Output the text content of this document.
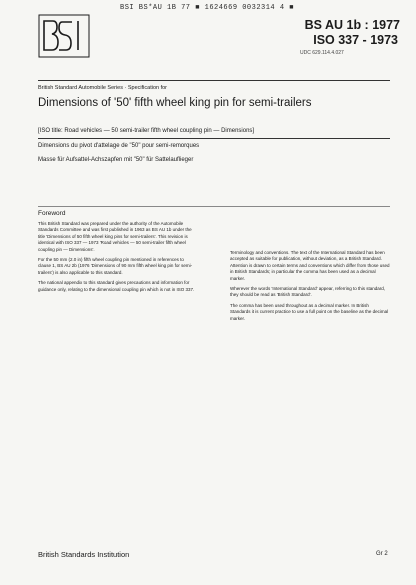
BSI BS*AU 1B 77 ■ 1624669 0032314 4 ■
BS AU 1b : 1977
ISO 337 - 1973
UDC 629.114.4.027
British Standard Automobile Series · Specification for
Dimensions of '50' fifth wheel king pin for semi-trailers
[ISO title: Road vehicles — 50 semi-trailer fifth wheel coupling pin — Dimensions]
Dimensions du pivot d'attelage de "50" pour semi-remorques
Masse für Aufsattel-Achszapfen mit "50" für Sattelauflieger
Foreword

This British Standard was prepared under the authority of the Automobile Standards Committee and was first published in 1963 as BS AU 1b under the title 'Dimensions of 50 fifth wheel king pins for semi-trailers'. This revision is identical with ISO 337 — 1973 'Road vehicles — 50 semi-trailer fifth wheel coupling pin — Dimensions'.

For the 50 mm (2.0 in) fifth wheel coupling pin mentioned in references to clause 1, BS AU 2b (1976 'Dimensions of 90 mm fifth wheel king pin for semi-trailers') is also applicable to this standard.

The national appendix to this standard gives precautions and information for guidance only, relating to the dimensional coupling pin which is not in ISO 337.

Terminology and conventions. The text of the International Standard has been accepted as suitable for publication, without deviation, as a British Standard. Attention is drawn to certain terms and conventions which differ from those used in British Standards; in particular the comma has been used as a decimal marker.

Wherever the words 'International Standard' appear, referring to this standard, they should be read as 'British Standard'.

The comma has been used throughout as a decimal marker. In British Standards it is current practice to use a full point on the baseline as the decimal marker.

British Standards Institution	Gr 2
